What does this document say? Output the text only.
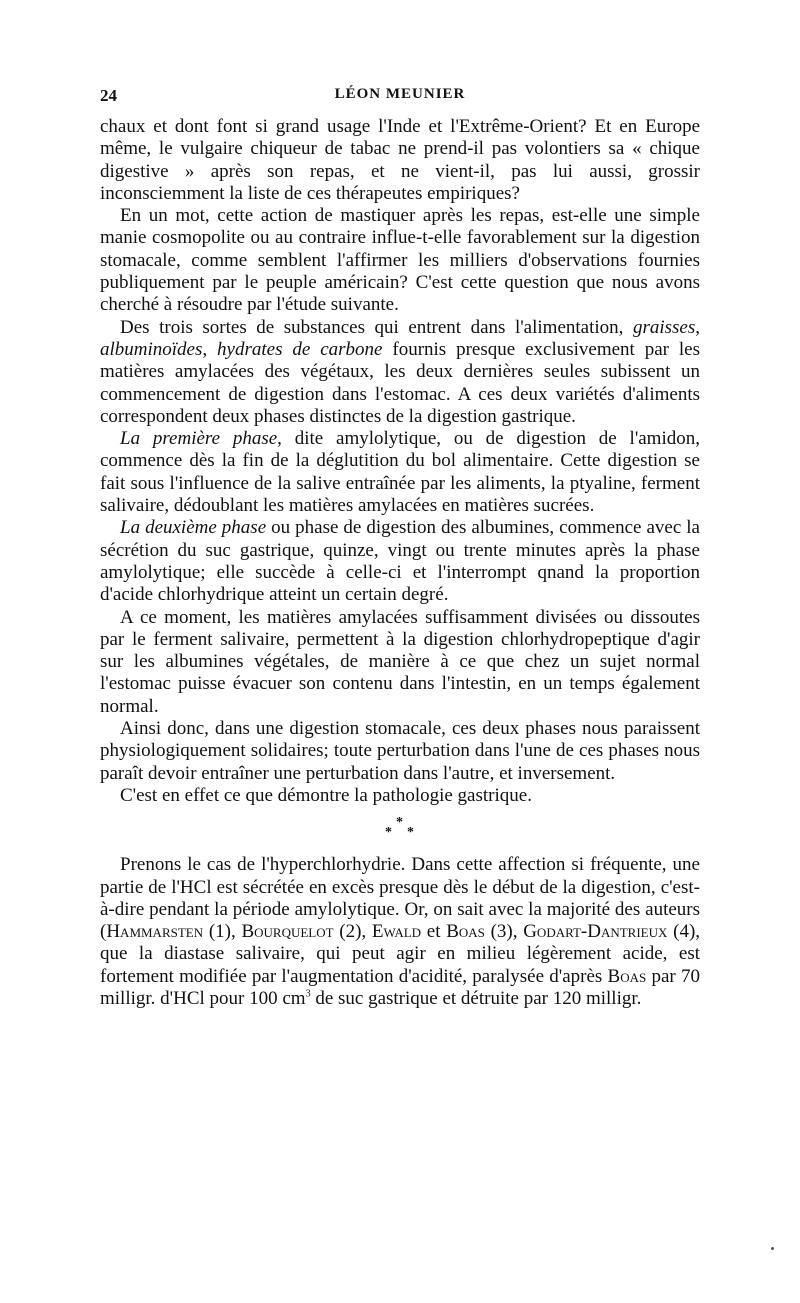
24	LÉON MEUNIER

chaux et dont font si grand usage l'Inde et l'Extrême-Orient? Et en Europe même, le vulgaire chiqueur de tabac ne prend-il pas volontiers sa « chique digestive » après son repas, et ne vient-il, pas lui aussi, grossir inconsciemment la liste de ces thérapeutes empiriques?

En un mot, cette action de mastiquer après les repas, est-elle une simple manie cosmopolite ou au contraire influe-t-elle favorablement sur la digestion stomacale, comme semblent l'affirmer les milliers d'observations fournies publiquement par le peuple américain? C'est cette question que nous avons cherché à résoudre par l'étude suivante.

Des trois sortes de substances qui entrent dans l'alimentation, graisses, albuminoïdes, hydrates de carbone fournis presque exclusivement par les matières amylacées des végétaux, les deux dernières seules subissent un commencement de digestion dans l'estomac. A ces deux variétés d'aliments correspondent deux phases distinctes de la digestion gastrique.

La première phase, dite amylolytique, ou de digestion de l'amidon, commence dès la fin de la déglutition du bol alimentaire. Cette digestion se fait sous l'influence de la salive entraînée par les aliments, la ptyaline, ferment salivaire, dédoublant les matières amylacées en matières sucrées.

La deuxième phase ou phase de digestion des albumines, commence avec la sécrétion du suc gastrique, quinze, vingt ou trente minutes après la phase amylolytique; elle succède à celle-ci et l'interrompt qnand la proportion d'acide chlorhydrique atteint un certain degré.

A ce moment, les matières amylacées suffisamment divisées ou dissoutes par le ferment salivaire, permettent à la digestion chlorhydropeptique d'agir sur les albumines végétales, de manière à ce que chez un sujet normal l'estomac puisse évacuer son contenu dans l'intestin, en un temps également normal.

Ainsi donc, dans une digestion stomacale, ces deux phases nous paraissent physiologiquement solidaires; toute perturbation dans l'une de ces phases nous paraît devoir entraîner une perturbation dans l'autre, et inversement.

C'est en effet ce que démontre la pathologie gastrique.

*
* *

Prenons le cas de l'hyperchlorhydrie. Dans cette affection si fréquente, une partie de l'HCl est sécrétée en excès presque dès le début de la digestion, c'est-à-dire pendant la période amylolytique. Or, on sait avec la majorité des auteurs (Hammarsten (1), Bourquelot (2), Ewald et Boas (3), Godart-Dantrieux (4), que la diastase salivaire, qui peut agir en milieu légèrement acide, est fortement modifiée par l'augmentation d'acidité, paralysée d'après Boas par 70 milligr. d'HCl pour 100 $cm^3$ de suc gastrique et détruite par 120 milligr.
